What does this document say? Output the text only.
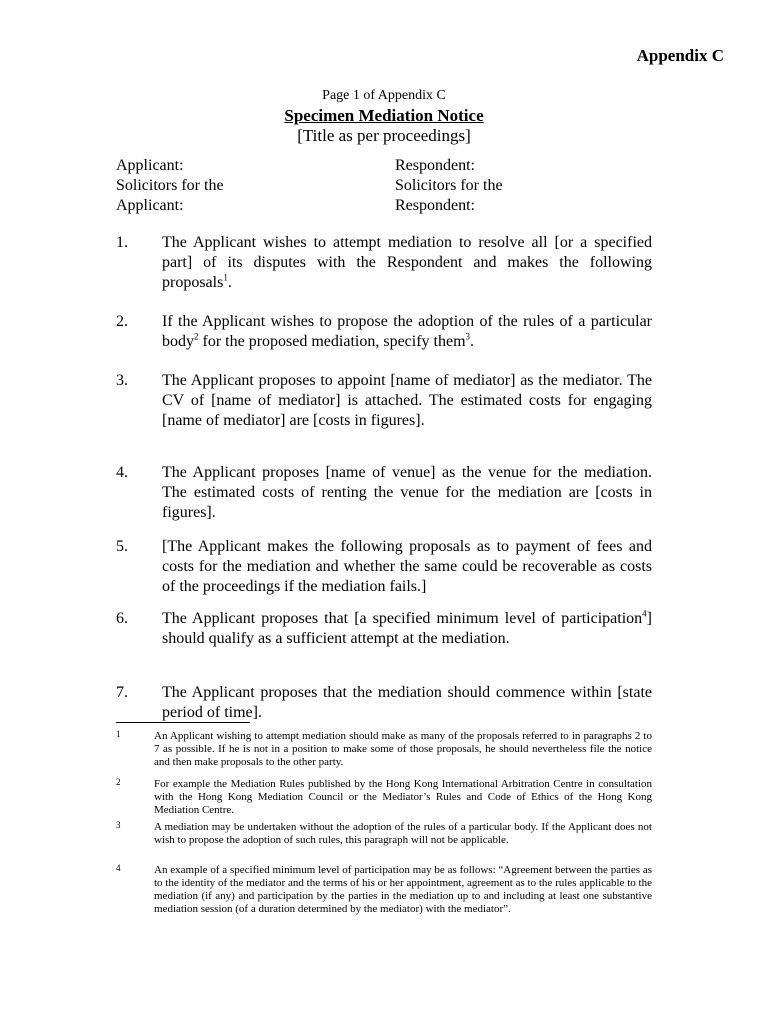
Appendix C
Page 1 of Appendix C
Specimen Mediation Notice
[Title as per proceedings]
Applicant:
Solicitors for the
Applicant:
Respondent:
Solicitors for the
Respondent:
1. The Applicant wishes to attempt mediation to resolve all [or a specified part] of its disputes with the Respondent and makes the following proposals$^1$.
2. If the Applicant wishes to propose the adoption of the rules of a particular body$^2$ for the proposed mediation, specify them$^3$.
3. The Applicant proposes to appoint [name of mediator] as the mediator. The CV of [name of mediator] is attached. The estimated costs for engaging [name of mediator] are [costs in figures].
4. The Applicant proposes [name of venue] as the venue for the mediation. The estimated costs of renting the venue for the mediation are [costs in figures].
5. [The Applicant makes the following proposals as to payment of fees and costs for the mediation and whether the same could be recoverable as costs of the proceedings if the mediation fails.]
6. The Applicant proposes that [a specified minimum level of participation$^4$] should qualify as a sufficient attempt at the mediation.
7. The Applicant proposes that the mediation should commence within [state period of time].
1	An Applicant wishing to attempt mediation should make as many of the proposals referred to in paragraphs 2 to 7 as possible. If he is not in a position to make some of those proposals, he should nevertheless file the notice and then make proposals to the other party.
2	For example the Mediation Rules published by the Hong Kong International Arbitration Centre in consultation with the Hong Kong Mediation Council or the Mediator’s Rules and Code of Ethics of the Hong Kong Mediation Centre.
3	A mediation may be undertaken without the adoption of the rules of a particular body. If the Applicant does not wish to propose the adoption of such rules, this paragraph will not be applicable.
4	An example of a specified minimum level of participation may be as follows: “Agreement between the parties as to the identity of the mediator and the terms of his or her appointment, agreement as to the rules applicable to the mediation (if any) and participation by the parties in the mediation up to and including at least one substantive mediation session (of a duration determined by the mediator) with the mediator”.
